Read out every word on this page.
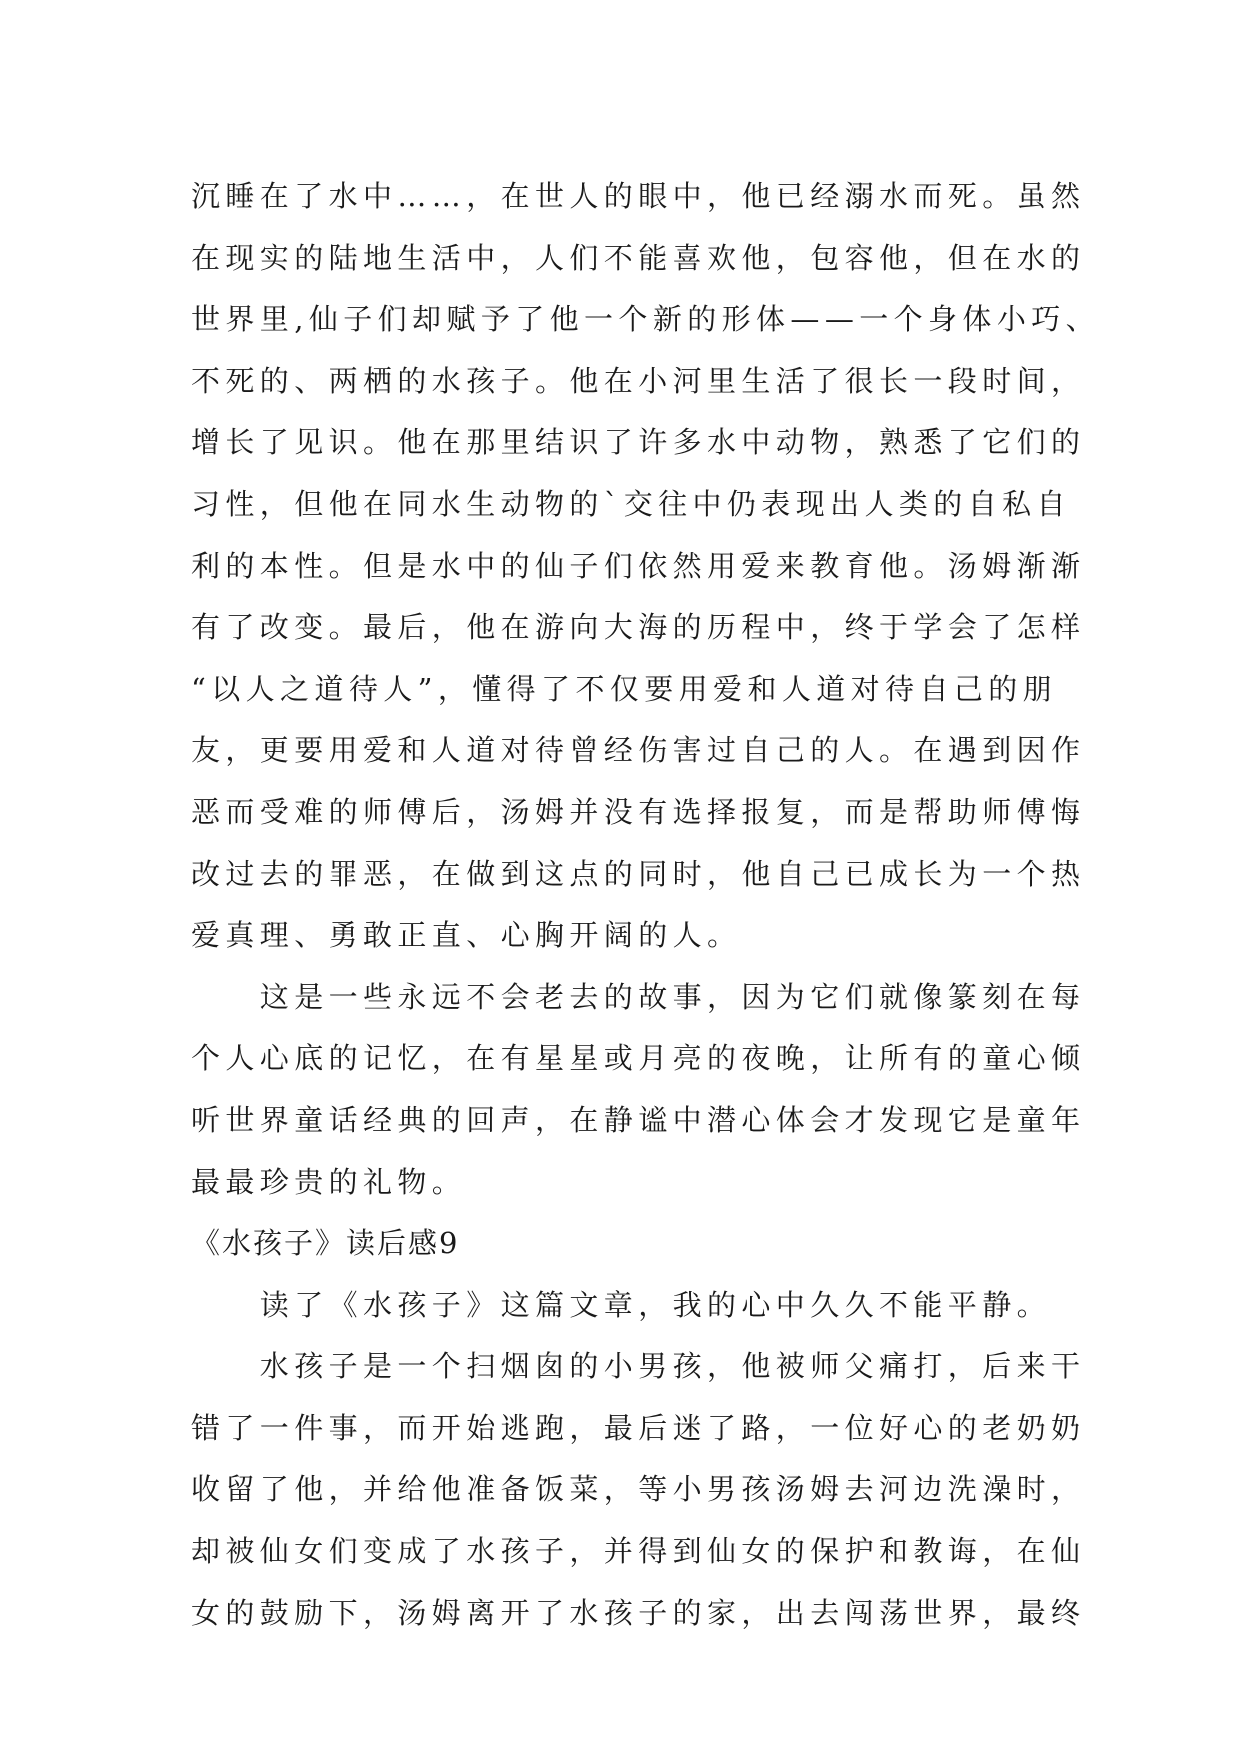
沉睡在了水中……，在世人的眼中，他已经溺水而死。虽然
在现实的陆地生活中，人们不能喜欢他，包容他，但在水的
世界里,仙子们却赋予了他一个新的形体——一个身体小巧、
不死的、两栖的水孩子。他在小河里生活了很长一段时间，
增长了见识。他在那里结识了许多水中动物，熟悉了它们的
习性，但他在同水生动物的`交往中仍表现出人类的自私自
利的本性。但是水中的仙子们依然用爱来教育他。汤姆渐渐
有了改变。最后，他在游向大海的历程中，终于学会了怎样
“以人之道待人”，懂得了不仅要用爱和人道对待自己的朋
友，更要用爱和人道对待曾经伤害过自己的人。在遇到因作
恶而受难的师傅后，汤姆并没有选择报复，而是帮助师傅悔
改过去的罪恶，在做到这点的同时，他自己已成长为一个热
爱真理、勇敢正直、心胸开阔的人。
　　这是一些永远不会老去的故事，因为它们就像篆刻在每
个人心底的记忆，在有星星或月亮的夜晚，让所有的童心倾
听世界童话经典的回声，在静谧中潜心体会才发现它是童年
最最珍贵的礼物。
《水孩子》读后感9
　　读了《水孩子》这篇文章，我的心中久久不能平静。
　　水孩子是一个扫烟囱的小男孩，他被师父痛打，后来干
错了一件事，而开始逃跑，最后迷了路，一位好心的老奶奶
收留了他，并给他准备饭菜，等小男孩汤姆去河边洗澡时，
却被仙女们变成了水孩子，并得到仙女的保护和教诲，在仙
女的鼓励下，汤姆离开了水孩子的家，出去闯荡世界，最终
